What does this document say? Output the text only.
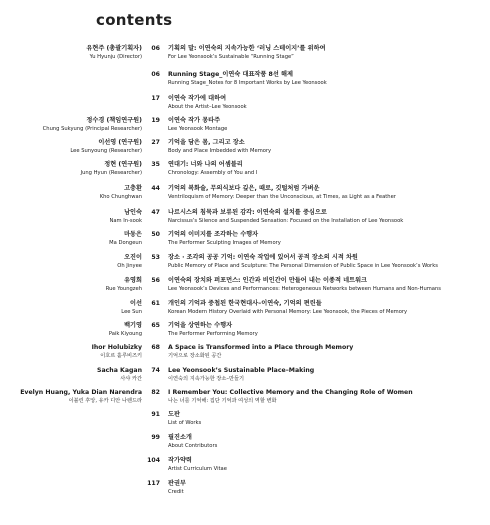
contents
유현주 (총괄기획자)
Yu Hyunju (Director)
06 기획의 말: 이연숙의 지속가능한 ‘러닝 스테이지’를 위하여
For Lee Yeonsook’s Sustainable “Running Stage”
06 Running Stage_이연숙 대표작품 8선 해제
Running Stage_Notes for 8 Important Works by Lee Yeonsook
17 이연숙 작가에 대하여
About the Artist–Lee Yeonsook
정수경 (책임연구원)
Chung Sukyung (Principal Researcher)
19 이연숙 작가 몽타주
Lee Yeonsook Montage
이선영 (연구원)
Lee Sunyoung (Researcher)
27 기억을 담은 몸, 그리고 장소
Body and Place Imbedded with Memory
정현 (연구원)
Jung Hyun (Researcher)
35 연대기: 너와 나의 어셈블리
Chronology: Assembly of You and I
고충환
Kho Chunghwan
44 기억의 복화술, 무의식보다 깊은, 때로, 깃털처럼 가벼운
Ventriloquism of Memory: Deeper than the Unconscious, at Times, as Light as a Feather
남인숙
Nam In-sook
47 나르시스의 침묵과 보류된 감각: 이연숙의 설치를 중심으로
Narcissus’s Silence and Suspended Sensation: Focused on the Installation of Lee Yeonsook
마동은
Ma Dongeun
50 기억의 이미지를 조각하는 수행자
The Performer Sculpting Images of Memory
오진이
Oh Jinyee
53 장소 · 조각의 공공 기억: 이연숙 작업에 있어서 공적 장소의 시적 차원
Public Memory of Place and Sculpture: The Personal Dimension of Public Space in Lee Yeonsook’s Works
유영희
Rue Youngzeh
56 이연숙의 장치와 퍼포먼스: 인간과 비인간이 만들어 내는 이종적 네트워크
Lee Yeonsook’s Devices and Performances: Heterogeneous Networks between Humans and Non-Humans
이선
Lee Sun
61 개인의 기억과 중첩된 한국현대사–이연숙, 기억의 편린들
Korean Modern History Overlaid with Personal Memory: Lee Yeonsook, the Pieces of Memory
백기영
Paik Kiyoung
65 기억을 상연하는 수행자
The Performer Performing Memory
Ihor Holubizky
이호르 홀루비즈키
68 A Space is Transformed into a Place through Memory
기억으로 장소화된 공간
Sacha Kagan
사샤 카간
74 Lee Yeonsook’s Sustainable Place–Making
이연숙의 지속가능한 장소–만들기
Evelyn Huang, Yuka Dian Narendra
이블린 후앙, 유카 디안 나렌드라
82 I Remember You: Collective Memory and the Changing Role of Women
나는 너를 기억해: 집단 기억과 여성의 역할 변화
91 도판
List of Works
99 필진소개
About Contributors
104 작가약력
Artist Curriculum Vitae
117 판권부
Credit
